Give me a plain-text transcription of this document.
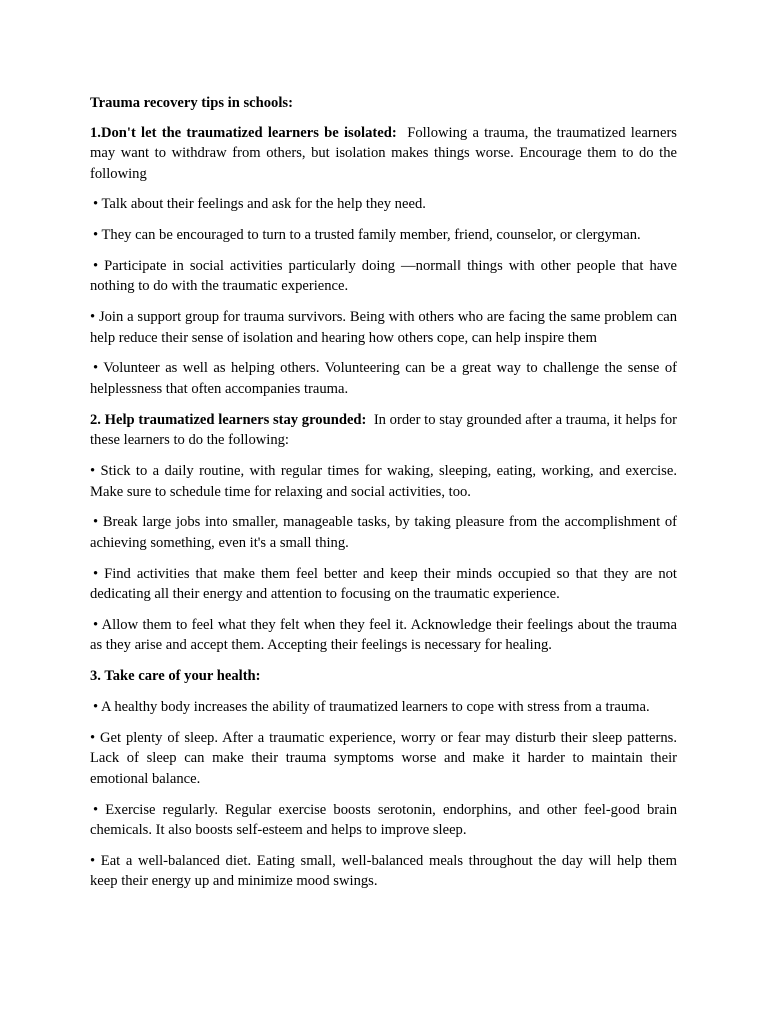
Trauma recovery tips in schools:

1.Don't let the traumatized learners be isolated: Following a trauma, the traumatized learners may want to withdraw from others, but isolation makes things worse. Encourage them to do the following

• Talk about their feelings and ask for the help they need.

• They can be encouraged to turn to a trusted family member, friend, counselor, or clergyman.

• Participate in social activities particularly doing ―normal‖ things with other people that have nothing to do with the traumatic experience.

• Join a support group for trauma survivors. Being with others who are facing the same problem can help reduce their sense of isolation and hearing how others cope, can help inspire them

• Volunteer as well as helping others. Volunteering can be a great way to challenge the sense of helplessness that often accompanies trauma.

2. Help traumatized learners stay grounded: In order to stay grounded after a trauma, it helps for these learners to do the following:

• Stick to a daily routine, with regular times for waking, sleeping, eating, working, and exercise. Make sure to schedule time for relaxing and social activities, too.

• Break large jobs into smaller, manageable tasks, by taking pleasure from the accomplishment of achieving something, even it's a small thing.

• Find activities that make them feel better and keep their minds occupied so that they are not dedicating all their energy and attention to focusing on the traumatic experience.

• Allow them to feel what they felt when they feel it. Acknowledge their feelings about the trauma as they arise and accept them. Accepting their feelings is necessary for healing.

3. Take care of your health:

• A healthy body increases the ability of traumatized learners to cope with stress from a trauma.

• Get plenty of sleep. After a traumatic experience, worry or fear may disturb their sleep patterns. Lack of sleep can make their trauma symptoms worse and make it harder to maintain their emotional balance.

• Exercise regularly. Regular exercise boosts serotonin, endorphins, and other feel-good brain chemicals. It also boosts self-esteem and helps to improve sleep.

• Eat a well-balanced diet. Eating small, well-balanced meals throughout the day will help them keep their energy up and minimize mood swings.
